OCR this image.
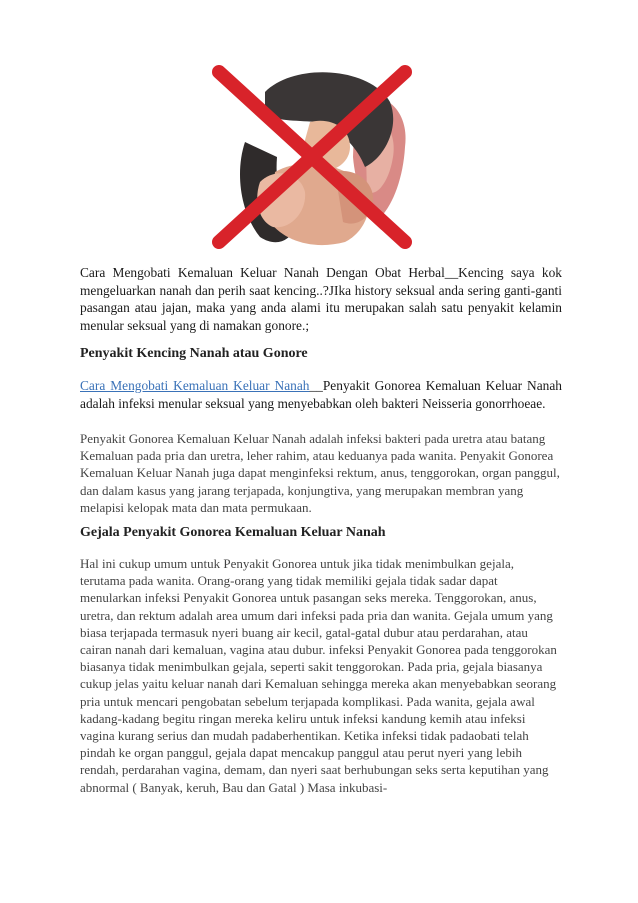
Cara Mengobati Kemaluan Keluar Nanah Dengan Obat Herbal__Kencing saya kok mengeluarkan nanah dan perih saat kencing..?JIka history seksual anda sering ganti-ganti pasangan atau jajan, maka yang anda alami itu merupakan salah satu penyakit kelamin menular seksual yang di namakan gonore.;
Penyakit Kencing Nanah atau Gonore
Cara Mengobati Kemaluan Keluar Nanah__Penyakit Gonorea Kemaluan Keluar Nanah adalah infeksi menular seksual yang menyebabkan oleh bakteri Neisseria gonorrhoeae.
Penyakit Gonorea Kemaluan Keluar Nanah adalah infeksi bakteri pada uretra atau batang Kemaluan pada pria dan uretra, leher rahim, atau keduanya pada wanita. Penyakit Gonorea Kemaluan Keluar Nanah juga dapat menginfeksi rektum, anus, tenggorokan, organ panggul, dan dalam kasus yang jarang terjapada, konjungtiva, yang merupakan membran yang melapisi kelopak mata dan mata permukaan.
Gejala Penyakit Gonorea Kemaluan Keluar Nanah
Hal ini cukup umum untuk Penyakit Gonorea untuk jika tidak menimbulkan gejala, terutama pada wanita. Orang-orang yang tidak memiliki gejala tidak sadar dapat menularkan infeksi Penyakit Gonorea untuk pasangan seks mereka. Tenggorokan, anus, uretra, dan rektum adalah area umum dari infeksi pada pria dan wanita. Gejala umum yang biasa terjapada termasuk nyeri buang air kecil, gatal-gatal dubur atau perdarahan, atau cairan nanah dari kemaluan, vagina atau dubur. infeksi Penyakit Gonorea pada tenggorokan biasanya tidak menimbulkan gejala, seperti sakit tenggorokan. Pada pria, gejala biasanya cukup jelas yaitu keluar nanah dari Kemaluan sehingga mereka akan menyebabkan seorang pria untuk mencari pengobatan sebelum terjapada komplikasi. Pada wanita, gejala awal kadang-kadang begitu ringan mereka keliru untuk infeksi kandung kemih atau infeksi vagina kurang serius dan mudah padaberhentikan. Ketika infeksi tidak padaobati telah pindah ke organ panggul, gejala dapat mencakup panggul atau perut nyeri yang lebih rendah, perdarahan vagina, demam, dan nyeri saat berhubungan seks serta keputihan yang abnormal ( Banyak, keruh, Bau dan Gatal ) Masa inkubasi-
